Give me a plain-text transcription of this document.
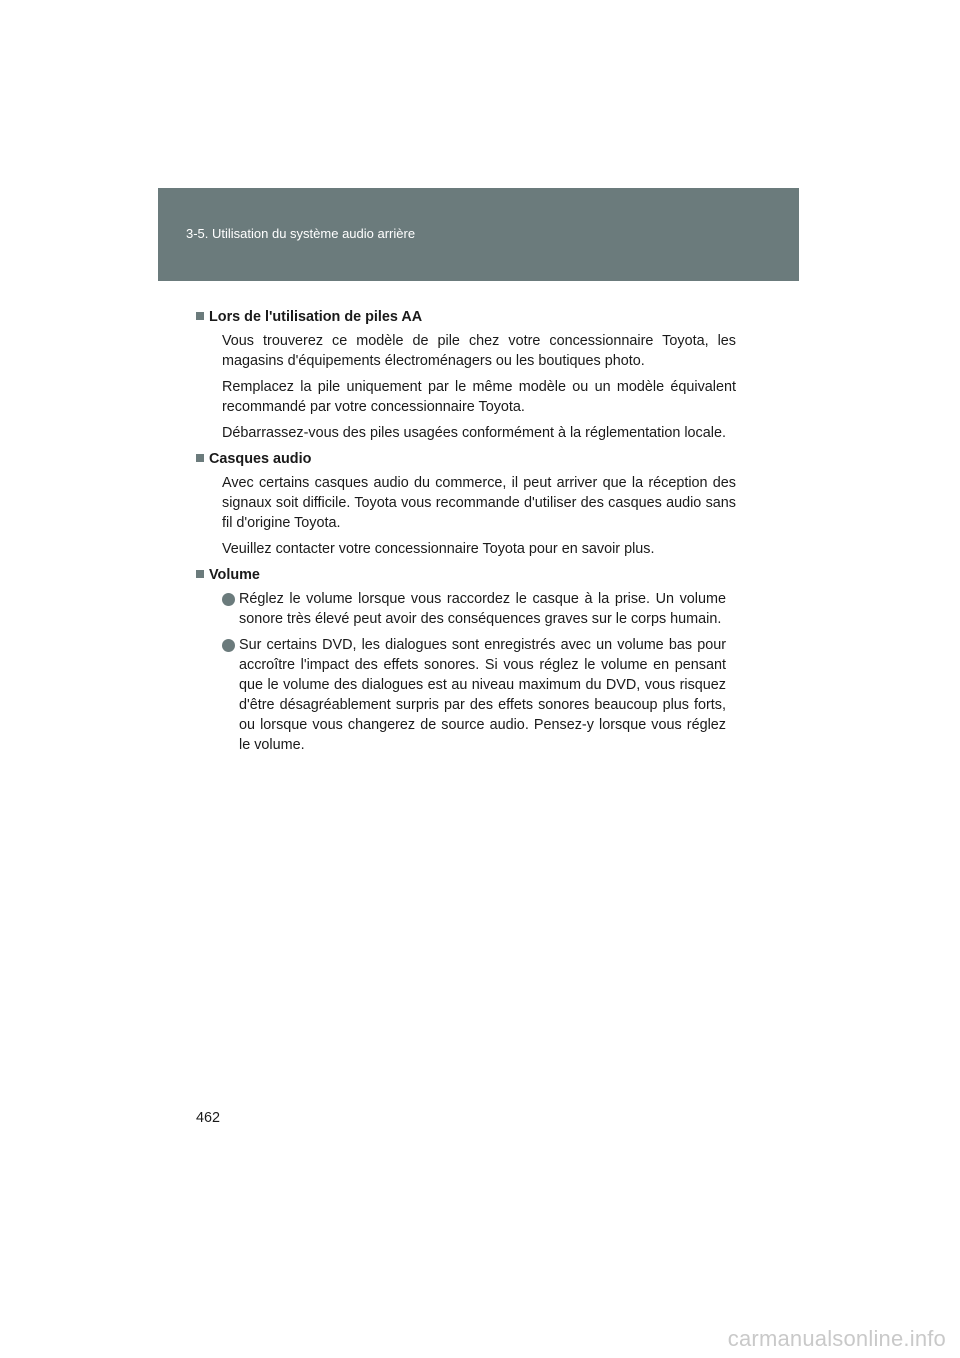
3-5. Utilisation du système audio arrière
Lors de l'utilisation de piles AA

Vous trouverez ce modèle de pile chez votre concessionnaire Toyota, les magasins d'équipements électroménagers ou les boutiques photo.

Remplacez la pile uniquement par le même modèle ou un modèle équivalent recommandé par votre concessionnaire Toyota.

Débarrassez-vous des piles usagées conformément à la réglementation locale.

Casques audio

Avec certains casques audio du commerce, il peut arriver que la réception des signaux soit difficile. Toyota vous recommande d'utiliser des casques audio sans fil d'origine Toyota.

Veuillez contacter votre concessionnaire Toyota pour en savoir plus.

Volume
Réglez le volume lorsque vous raccordez le casque à la prise. Un volume sonore très élevé peut avoir des conséquences graves sur le corps humain.
Sur certains DVD, les dialogues sont enregistrés avec un volume bas pour accroître l'impact des effets sonores. Si vous réglez le volume en pensant que le volume des dialogues est au niveau maximum du DVD, vous risquez d'être désagréablement surpris par des effets sonores beaucoup plus forts, ou lorsque vous changerez de source audio. Pensez-y lorsque vous réglez le volume.
462
carmanualsonline.info
